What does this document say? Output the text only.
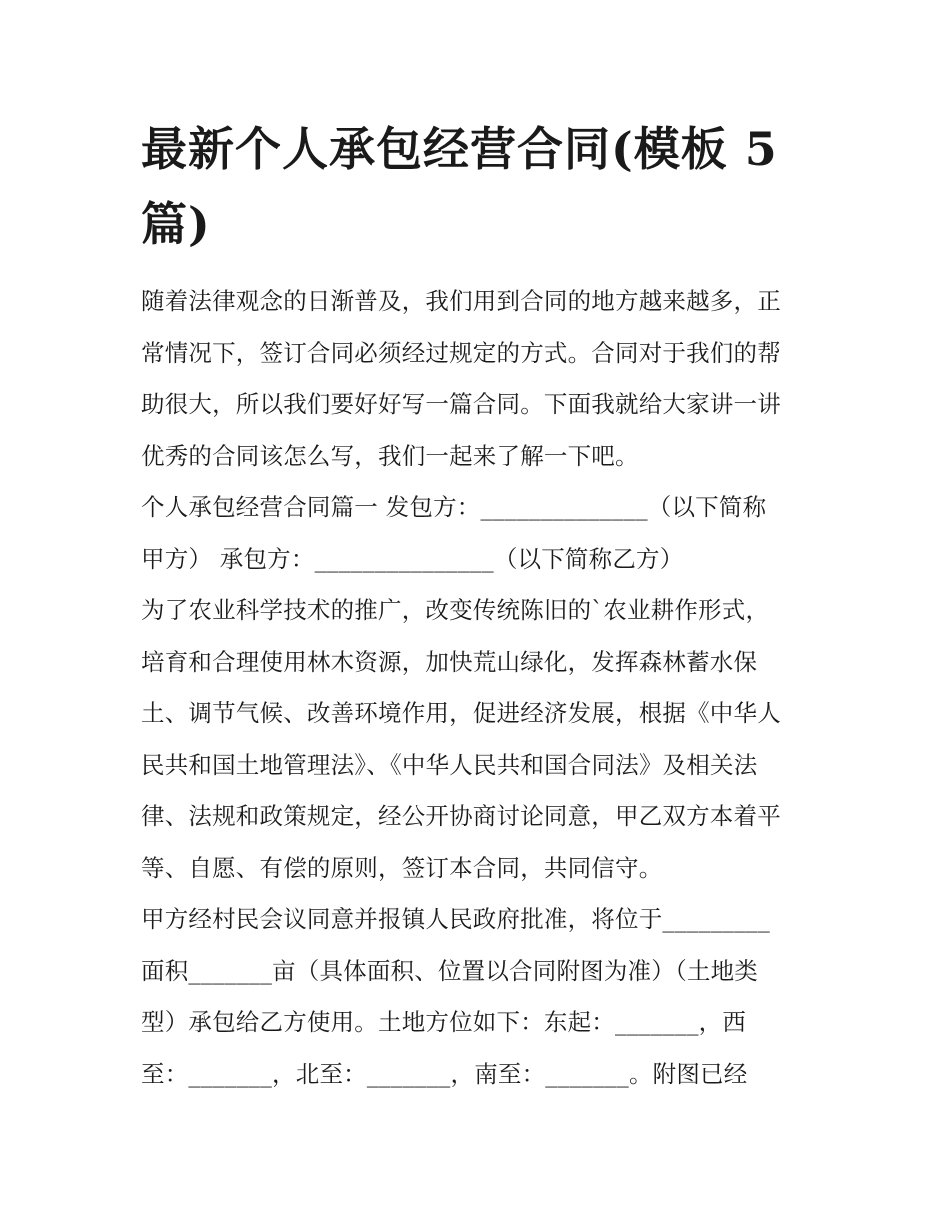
最新个人承包经营合同(模板 5
篇)

随着法律观念的日渐普及，我们用到合同的地方越来越多，正
常情况下，签订合同必须经过规定的方式。合同对于我们的帮
助很大，所以我们要好好写一篇合同。下面我就给大家讲一讲
优秀的合同该怎么写，我们一起来了解一下吧。

个人承包经营合同篇一 发包方：______________（以下简称
甲方） 承包方：_______________（以下简称乙方）

为了农业科学技术的推广，改变传统陈旧的`农业耕作形式，
培育和合理使用林木资源，加快荒山绿化，发挥森林蓄水保
土、调节气候、改善环境作用，促进经济发展，根据《中华人
民共和国土地管理法》、《中华人民共和国合同法》及相关法
律、法规和政策规定，经公开协商讨论同意，甲乙双方本着平
等、自愿、有偿的原则，签订本合同，共同信守。

甲方经村民会议同意并报镇人民政府批准，将位于_________
面积_______亩（具体面积、位置以合同附图为准）（土地类
型）承包给乙方使用。土地方位如下：东起：_______，西
至：_______，北至：_______，南至：_______。附图已经
